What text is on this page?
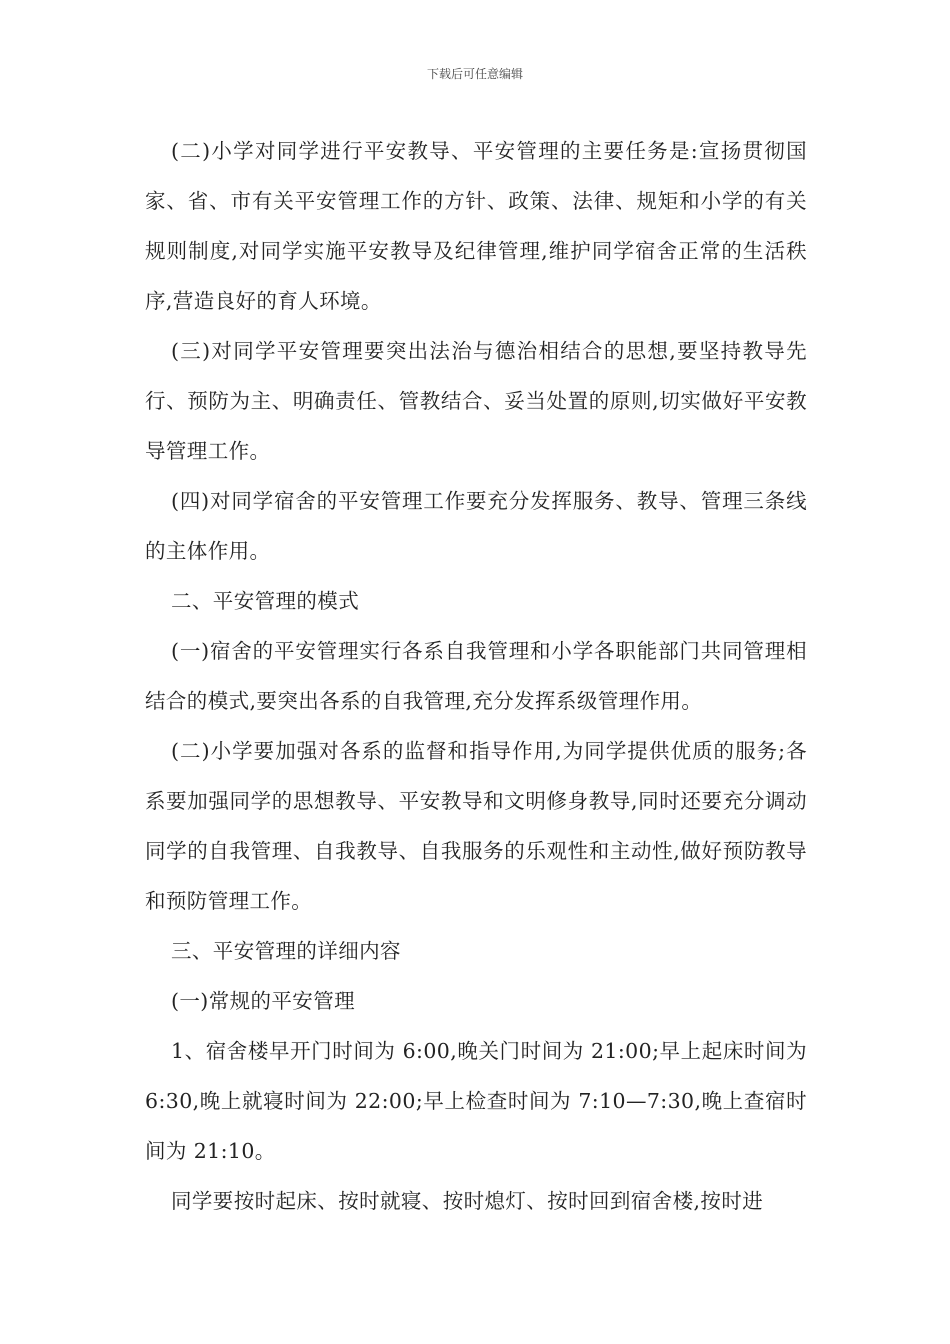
下载后可任意编辑

(二)小学对同学进行平安教导、平安管理的主要任务是:宣扬贯彻国家、省、市有关平安管理工作的方针、政策、法律、规矩和小学的有关规则制度,对同学实施平安教导及纪律管理,维护同学宿舍正常的生活秩序,营造良好的育人环境。

(三)对同学平安管理要突出法治与德治相结合的思想,要坚持教导先行、预防为主、明确责任、管教结合、妥当处置的原则,切实做好平安教导管理工作。

(四)对同学宿舍的平安管理工作要充分发挥服务、教导、管理三条线的主体作用。

二、平安管理的模式

(一)宿舍的平安管理实行各系自我管理和小学各职能部门共同管理相结合的模式,要突出各系的自我管理,充分发挥系级管理作用。

(二)小学要加强对各系的监督和指导作用,为同学提供优质的服务;各系要加强同学的思想教导、平安教导和文明修身教导,同时还要充分调动同学的自我管理、自我教导、自我服务的乐观性和主动性,做好预防教导和预防管理工作。

三、平安管理的详细内容

(一)常规的平安管理

1、宿舍楼早开门时间为 6:00,晚关门时间为 21:00;早上起床时间为 6:30,晚上就寝时间为 22:00;早上检查时间为 7:10—7:30,晚上查宿时间为 21:10。

同学要按时起床、按时就寝、按时熄灯、按时回到宿舍楼,按时进
